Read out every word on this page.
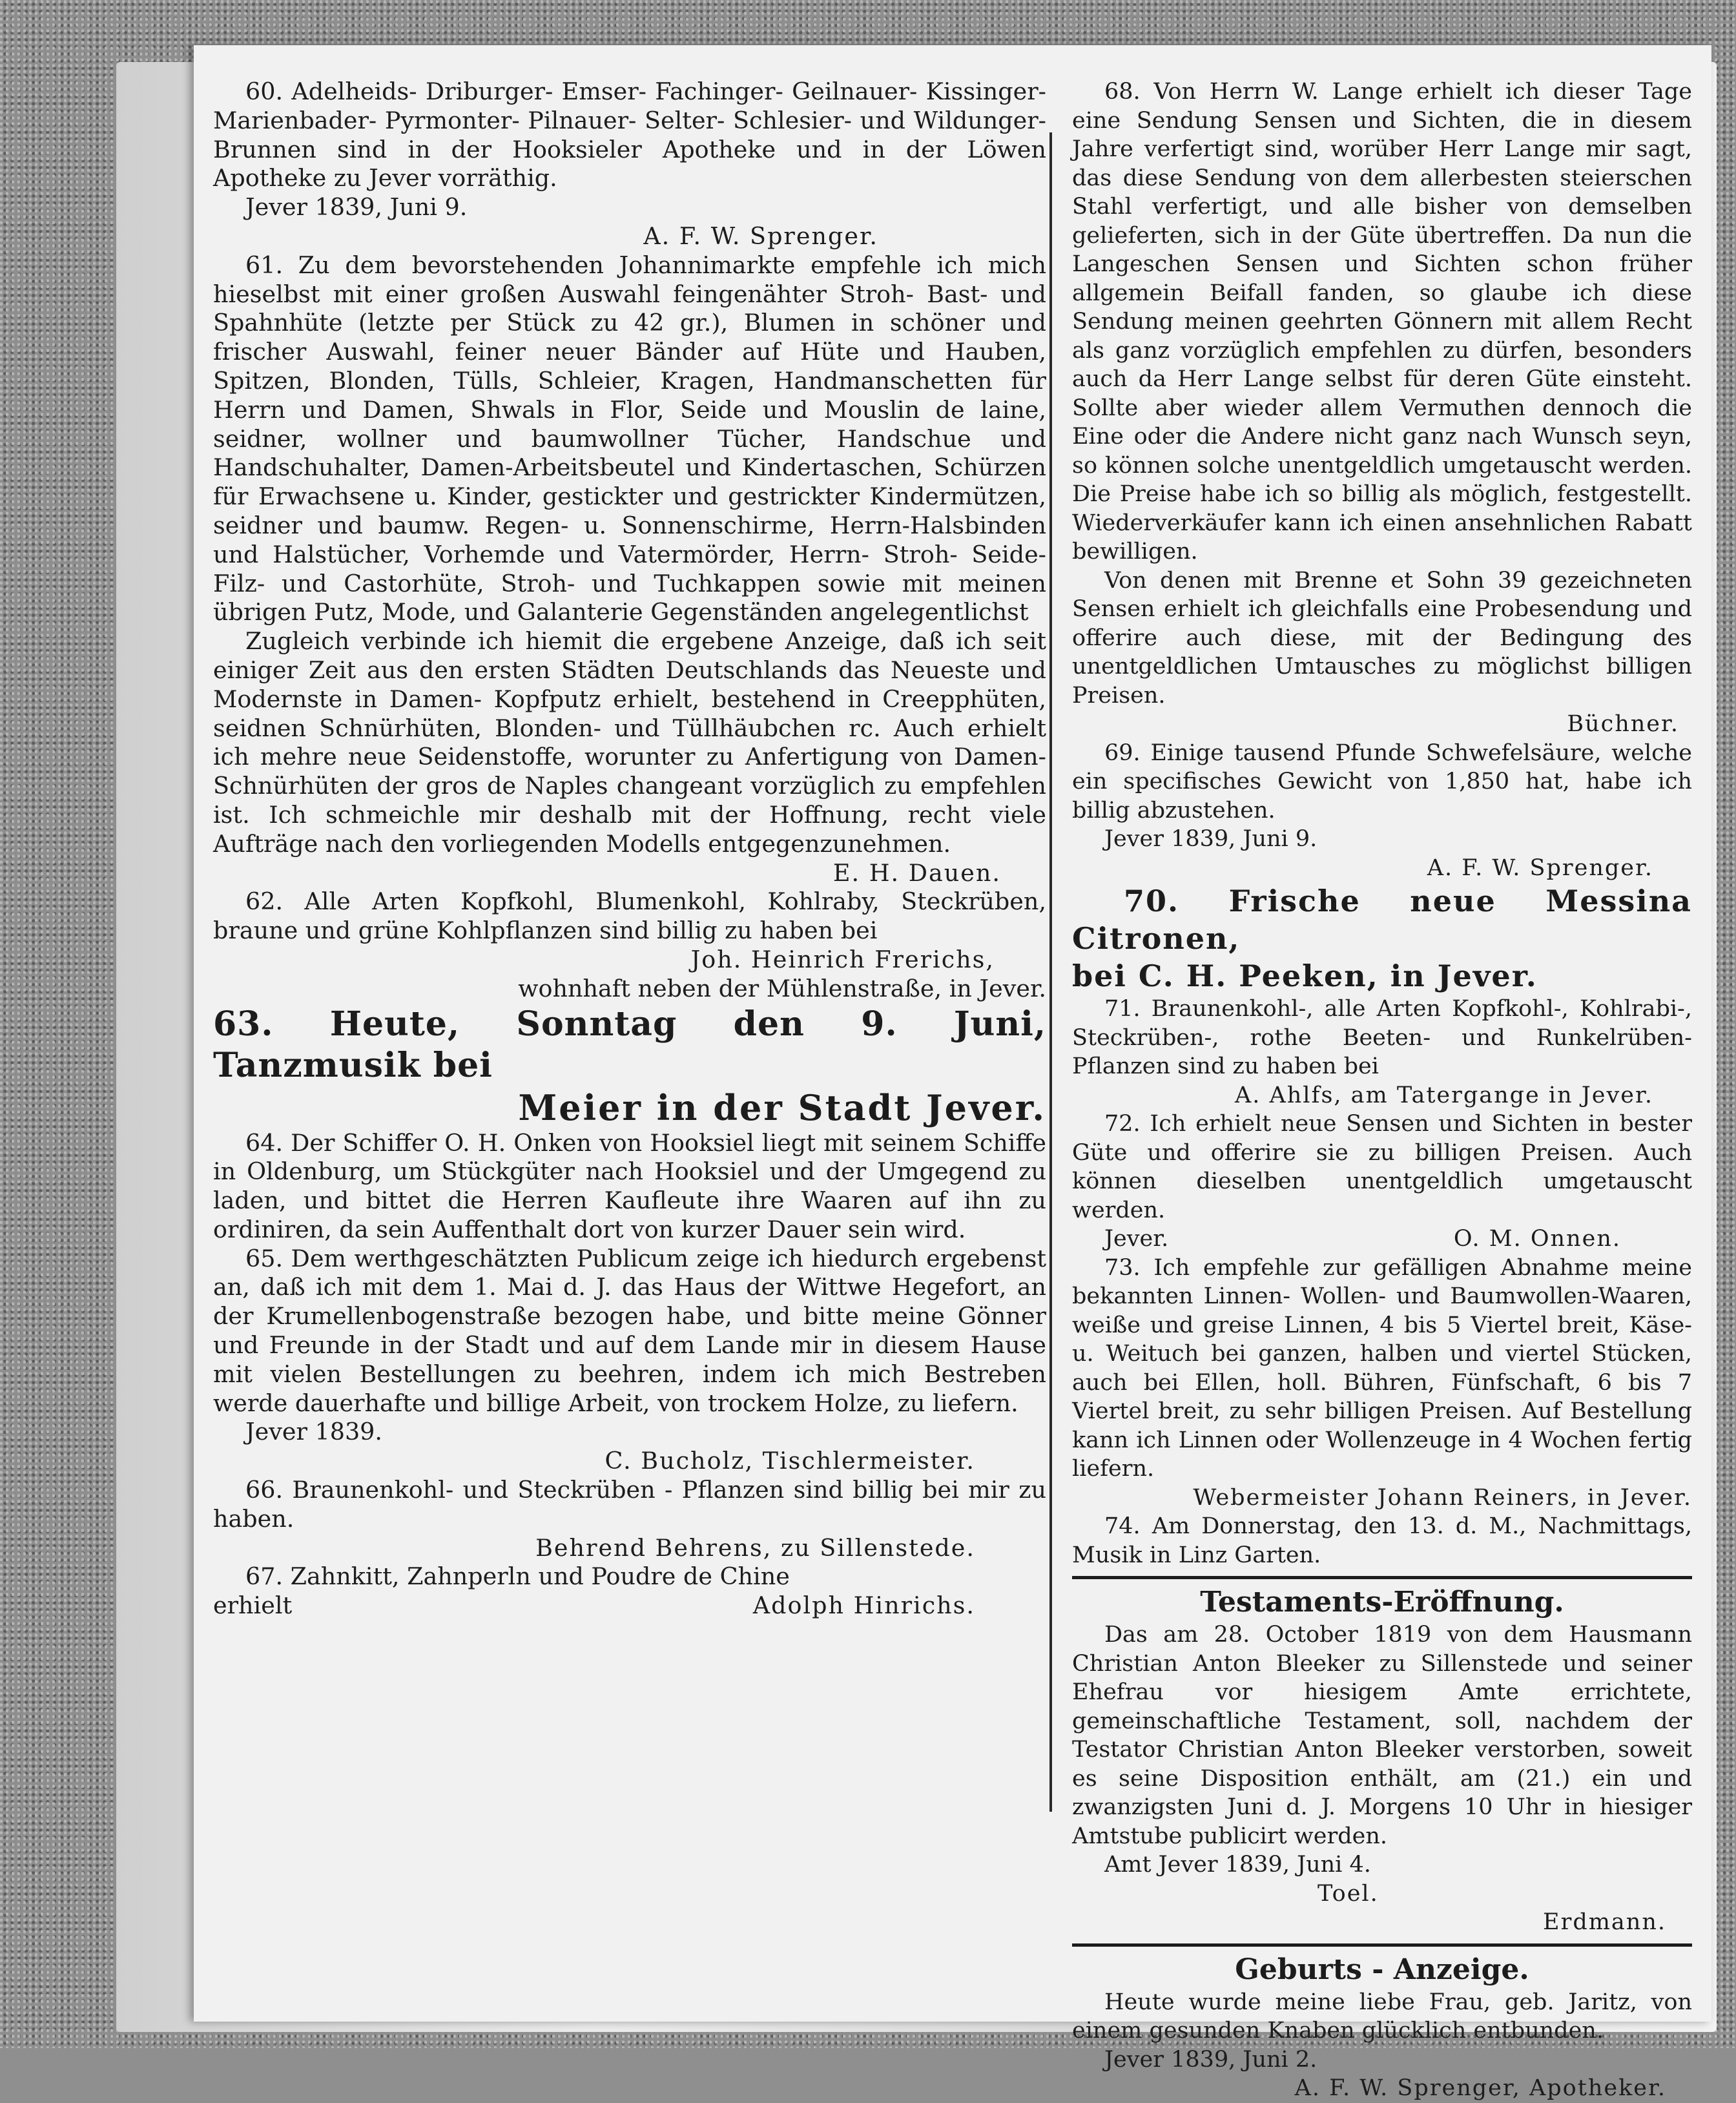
60. Adelheids- Driburger- Emser- Fachinger- Geilnauer- Kissinger- Marienbader- Pyrmonter- Pilnauer- Selter- Schlesier- und Wildunger-Brunnen sind in der Hooksieler Apotheke und in der Löwen Apotheke zu Jever vorräthig.

Jever 1839, Juni 9.

A. F. W. Sprenger.

61. Zu dem bevorstehenden Johannimarkte empfehle ich mich hieselbst mit einer großen Auswahl feingenähter Stroh- Bast- und Spahnhüte (letzte per Stück zu 42 gr.), Blumen in schöner und frischer Auswahl, feiner neuer Bänder auf Hüte und Hauben, Spitzen, Blonden, Tülls, Schleier, Kragen, Handmanschetten für Herrn und Damen, Shwals in Flor, Seide und Mouslin de laine, seidner, wollner und baumwollner Tücher, Handschue und Handschuhalter, Damen-Arbeitsbeutel und Kindertaschen, Schürzen für Erwachsene u. Kinder, gestickter und gestrickter Kindermützen, seidner und baumw. Regen- u. Sonnenschirme, Herrn-Halsbinden und Halstücher, Vorhemde und Vatermörder, Herrn- Stroh- Seide- Filz- und Castorhüte, Stroh- und Tuchkappen sowie mit meinen übrigen Putz, Mode, und Galanterie Gegenständen angelegentlichst

Zugleich verbinde ich hiemit die ergebene Anzeige, daß ich seit einiger Zeit aus den ersten Städten Deutschlands das Neueste und Modernste in Damen- Kopfputz erhielt, bestehend in Creepphüten, seidnen Schnürhüten, Blonden- und Tüllhäubchen rc. Auch erhielt ich mehre neue Seidenstoffe, worunter zu Anfertigung von Damen- Schnürhüten der gros de Naples changeant vorzüglich zu empfehlen ist. Ich schmeichle mir deshalb mit der Hoffnung, recht viele Aufträge nach den vorliegenden Modells entgegenzunehmen.

E. H. Dauen.

62. Alle Arten Kopfkohl, Blumenkohl, Kohlraby, Steckrüben, braune und grüne Kohlpflanzen sind billig zu haben bei

Joh. Heinrich Frerichs,

wohnhaft neben der Mühlenstraße, in Jever.

63. Heute, Sonntag den 9. Juni,

Tanzmusik bei

Meier in der Stadt Jever.

64. Der Schiffer O. H. Onken von Hooksiel liegt mit seinem Schiffe in Oldenburg, um Stückgüter nach Hooksiel und der Umgegend zu laden, und bittet die Herren Kaufleute ihre Waaren auf ihn zu ordiniren, da sein Auffenthalt dort von kurzer Dauer sein wird.

65. Dem werthgeschätzten Publicum zeige ich hiedurch ergebenst an, daß ich mit dem 1. Mai d. J. das Haus der Wittwe Hegefort, an der Krumellenbogenstraße bezogen habe, und bitte meine Gönner und Freunde in der Stadt und auf dem Lande mir in diesem Hause mit vielen Bestellungen zu beehren, indem ich mich Bestreben werde dauerhafte und billige Arbeit, von trockem Holze, zu liefern.

Jever 1839.

C. Bucholz, Tischlermeister.

66. Braunenkohl- und Steckrüben - Pflanzen sind billig bei mir zu haben.

Behrend Behrens, zu Sillenstede.

67. Zahnkitt, Zahnperln und Poudre de Chine

erhielt	Adolph Hinrichs.

68. Von Herrn W. Lange erhielt ich dieser Tage eine Sendung Sensen und Sichten, die in diesem Jahre verfertigt sind, worüber Herr Lange mir sagt, das diese Sendung von dem allerbesten steierschen Stahl verfertigt, und alle bisher von demselben gelieferten, sich in der Güte übertreffen. Da nun die Langeschen Sensen und Sichten schon früher allgemein Beifall fanden, so glaube ich diese Sendung meinen geehrten Gönnern mit allem Recht als ganz vorzüglich empfehlen zu dürfen, besonders auch da Herr Lange selbst für deren Güte einsteht. Sollte aber wieder allem Vermuthen dennoch die Eine oder die Andere nicht ganz nach Wunsch seyn, so können solche unentgeldlich umgetauscht werden. Die Preise habe ich so billig als möglich, festgestellt. Wiederverkäufer kann ich einen ansehnlichen Rabatt bewilligen.

Von denen mit Brenne et Sohn 39 gezeichneten Sensen erhielt ich gleichfalls eine Probesendung und offerire auch diese, mit der Bedingung des unentgeldlichen Umtausches zu möglichst billigen Preisen.

Büchner.

69. Einige tausend Pfunde Schwefelsäure, welche ein specifisches Gewicht von 1,850 hat, habe ich billig abzustehen.

Jever 1839, Juni 9.

A. F. W. Sprenger.

70. Frische neue Messina Citronen,

bei C. H. Peeken, in Jever.

71. Braunenkohl-, alle Arten Kopfkohl-, Kohlrabi-, Steckrüben-, rothe Beeten- und Runkelrüben-Pflanzen sind zu haben bei

A. Ahlfs, am Tatergange in Jever.

72. Ich erhielt neue Sensen und Sichten in bester Güte und offerire sie zu billigen Preisen. Auch können dieselben unentgeldlich umgetauscht werden.

Jever.	O. M. Onnen.

73. Ich empfehle zur gefälligen Abnahme meine bekannten Linnen- Wollen- und Baumwollen-Waaren, weiße und greise Linnen, 4 bis 5 Viertel breit, Käse- u. Weituch bei ganzen, halben und viertel Stücken, auch bei Ellen, holl. Bühren, Fünfschaft, 6 bis 7 Viertel breit, zu sehr billigen Preisen. Auf Bestellung kann ich Linnen oder Wollenzeuge in 4 Wochen fertig liefern.

Webermeister Johann Reiners, in Jever.

74. Am Donnerstag, den 13. d. M., Nachmittags, Musik in Linz Garten.

Testaments-Eröffnung.

Das am 28. October 1819 von dem Hausmann Christian Anton Bleeker zu Sillenstede und seiner Ehefrau vor hiesigem Amte errichtete, gemeinschaftliche Testament, soll, nachdem der Testator Christian Anton Bleeker verstorben, soweit es seine Disposition enthält, am (21.) ein und zwanzigsten Juni d. J. Morgens 10 Uhr in hiesiger Amtstube publicirt werden.

Amt Jever 1839, Juni 4.

Toel.

Erdmann.

Geburts - Anzeige.

Heute wurde meine liebe Frau, geb. Jaritz, von einem gesunden Knaben glücklich entbunden.

Jever 1839, Juni 2.

A. F. W. Sprenger, Apotheker.
